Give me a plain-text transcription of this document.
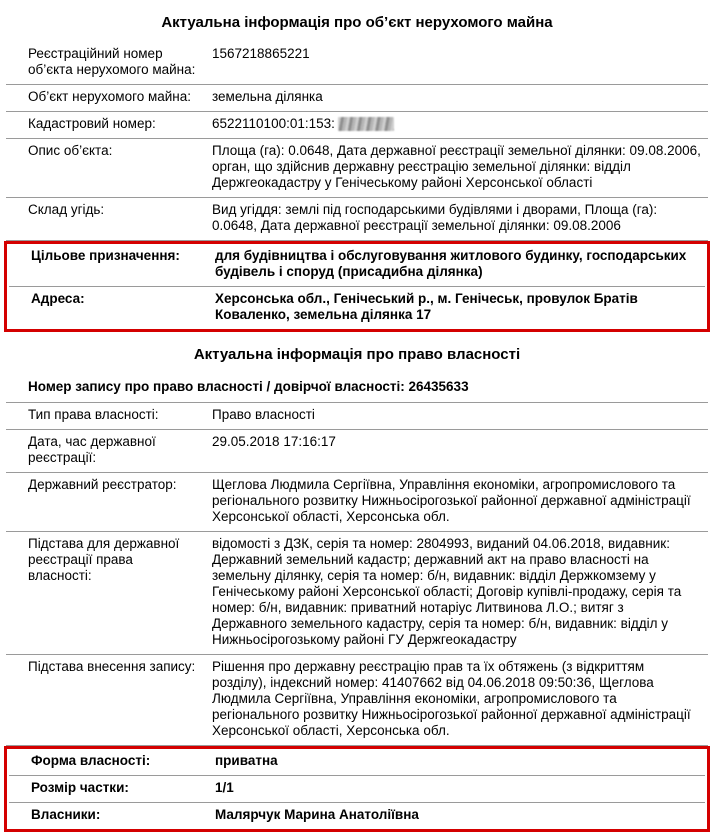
Актуальна інформація про об’єкт нерухомого майна
Реєстраційний номер об’єкта нерухомого майна:
1567218865221
Об’єкт нерухомого майна:	земельна ділянка
Кадастровий номер:	6522110100:01:153:
Опис об’єкта:	Площа (га): 0.0648, Дата державної реєстрації земельної ділянки: 09.08.2006, орган, що здійснив державну реєстрацію земельної ділянки: відділ Держгеокадастру у Генічеському районі Херсонської області
Склад угідь:	Вид угіддя: землі під господарськими будівлями і дворами, Площа (га): 0.0648, Дата державної реєстрації земельної ділянки: 09.08.2006
Цільове призначення:	для будівництва і обслуговування житлового будинку, господарських будівель і споруд (присадибна ділянка)
Адреса:	Херсонська обл., Генічеський р., м. Генічеськ, провулок Братів Коваленко, земельна ділянка 17
Актуальна інформація про право власності
Номер запису про право власності / довірчої власності: 26435633
Тип права власності:	Право власності
Дата, час державної реєстрації:
29.05.2018 17:16:17
Державний реєстратор:	Щеглова Людмила Сергіївна, Управління економіки, агропромислового та регіонального розвитку Нижньосірогозької районної державної адміністрації Херсонської області, Херсонська обл.
Підстава для державної реєстрації права власності:
відомості з ДЗК, серія та номер: 2804993, виданий 04.06.2018, видавник: Державний земельний кадастр; державний акт на право власності на земельну ділянку, серія та номер: б/н, видавник: відділ Держкомзему у Генічеському районі Херсонської області; Договір купівлі-продажу, серія та номер: б/н, видавник: приватний нотаріус Литвинова Л.О.; витяг з Державного земельного кадастру, серія та номер: б/н, видавник: відділ у Нижньосірогозькому районі ГУ Держгеокадастру
Підстава внесення запису:	Рішення про державну реєстрацію прав та їх обтяжень (з відкриттям розділу), індексний номер: 41407662 від 04.06.2018 09:50:36, Щеглова Людмила Сергіївна, Управління економіки, агропромислового та регіонального розвитку Нижньосірогозької районної державної адміністрації Херсонської області, Херсонська обл.
Форма власності:	приватна
Розмір частки:	1/1
Власники:	Малярчук Марина Анатоліївна
